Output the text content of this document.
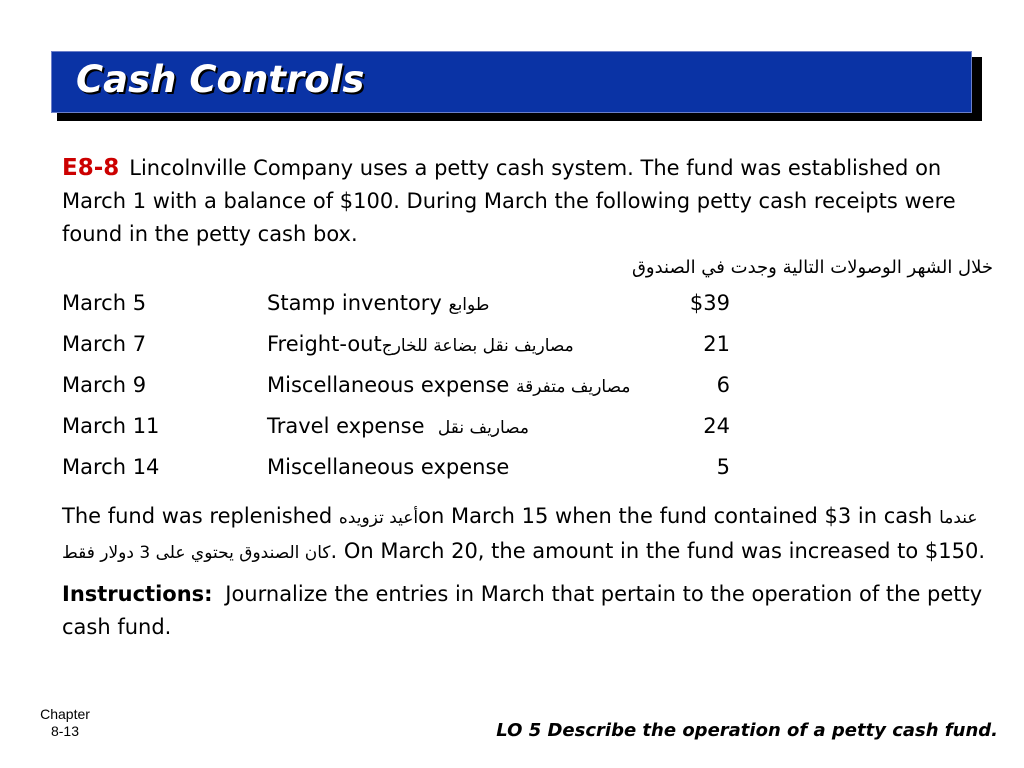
Cash Controls

E8-8 Lincolnville Company uses a petty cash system. The fund was established on March 1 with a balance of $100. During March the following petty cash receipts were found in the petty cash box.

خلال الشهر الوصولات التالية وجدت في الصندوق

March 5	Stamp inventory طوابع	$39
March 7	Freight-outمصاريف نقل بضاعة للخارج	21
March 9	Miscellaneous expense مصاريف متفرقة	6
March 11	Travel expense مصاريف نقل	24
March 14	Miscellaneous expense	5

The fund was replenished أعيد تزويدهon March 15 when the fund contained $3 in cash عندما كان الصندوق يحتوي على 3 دولار فقط. On March 20, the amount in the fund was increased to $150.

Instructions: Journalize the entries in March that pertain to the operation of the petty cash fund.

Chapter
8-13	LO 5 Describe the operation of a petty cash fund.
